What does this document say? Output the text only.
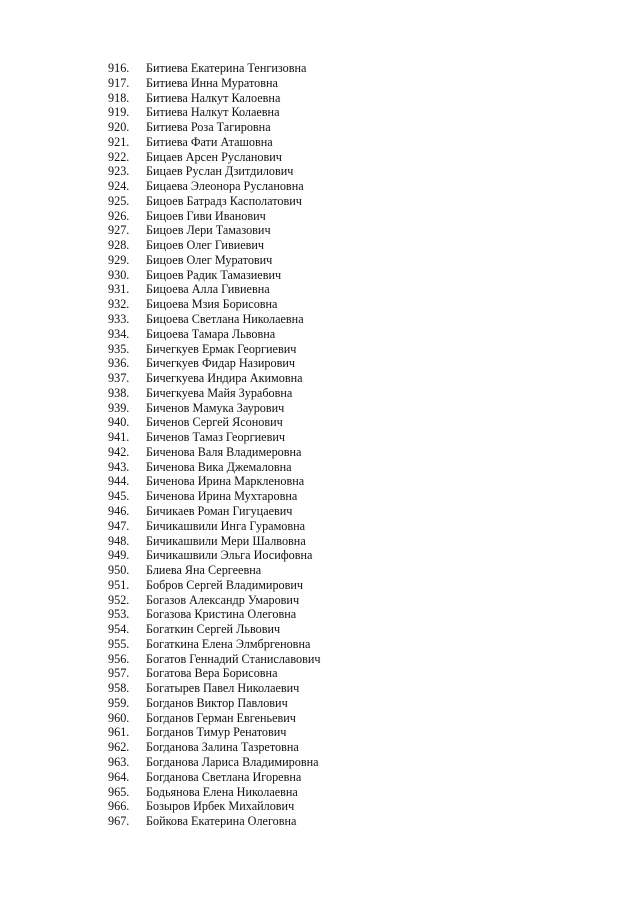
916.	Битиева Екатерина Тенгизовна
917.	Битиева Инна Муратовна
918.	Битиева Налкут Калоевна
919.	Битиева Налкут Колаевна
920.	Битиева Роза Тагировна
921.	Битиева Фати Аташовна
922.	Бицаев Арсен Русланович
923.	Бицаев Руслан Дзитдилович
924.	Бицаева Элеонора Руслановна
925.	Бицоев Батрадз Касполатович
926.	Бицоев Гиви Иванович
927.	Бицоев Лери Тамазович
928.	Бицоев Олег Гивиевич
929.	Бицоев Олег Муратович
930.	Бицоев Радик Тамазиевич
931.	Бицоева Алла Гивиевна
932.	Бицоева Мзия Борисовна
933.	Бицоева Светлана Николаевна
934.	Бицоева Тамара Львовна
935.	Бичегкуев Ермак Георгиевич
936.	Бичегкуев Фидар Назирович
937.	Бичегкуева Индира Акимовна
938.	Бичегкуева Майя Зурабовна
939.	Биченов Мамука Заурович
940.	Биченов Сергей Ясонович
941.	Биченов Тамаз Георгиевич
942.	Биченова Валя Владимеровна
943.	Биченова Вика Джемаловна
944.	Биченова Ирина Маркленовна
945.	Биченова Ирина Мухтаровна
946.	Бичикаев Роман Гигуцаевич
947.	Бичикашвили Инга Гурамовна
948.	Бичикашвили Мери Шалвовна
949.	Бичикашвили Эльга Иосифовна
950.	Блиева Яна Сергеевна
951.	Бобров Сергей Владимирович
952.	Богазов Александр Умарович
953.	Богазова Кристина Олеговна
954.	Богаткин Сергей Львович
955.	Богаткина Елена Элмбргеновна
956.	Богатов Геннадий Станиславович
957.	Богатова Вера Борисовна
958.	Богатырев Павел Николаевич
959.	Богданов Виктор Павлович
960.	Богданов Герман Евгеньевич
961.	Богданов Тимур Ренатович
962.	Богданова Залина Тазретовна
963.	Богданова Лариса Владимировна
964.	Богданова Светлана Игоревна
965.	Бодьянова Елена Николаевна
966.	Бозыров Ирбек Михайлович
967.	Бойкова Екатерина Олеговна
